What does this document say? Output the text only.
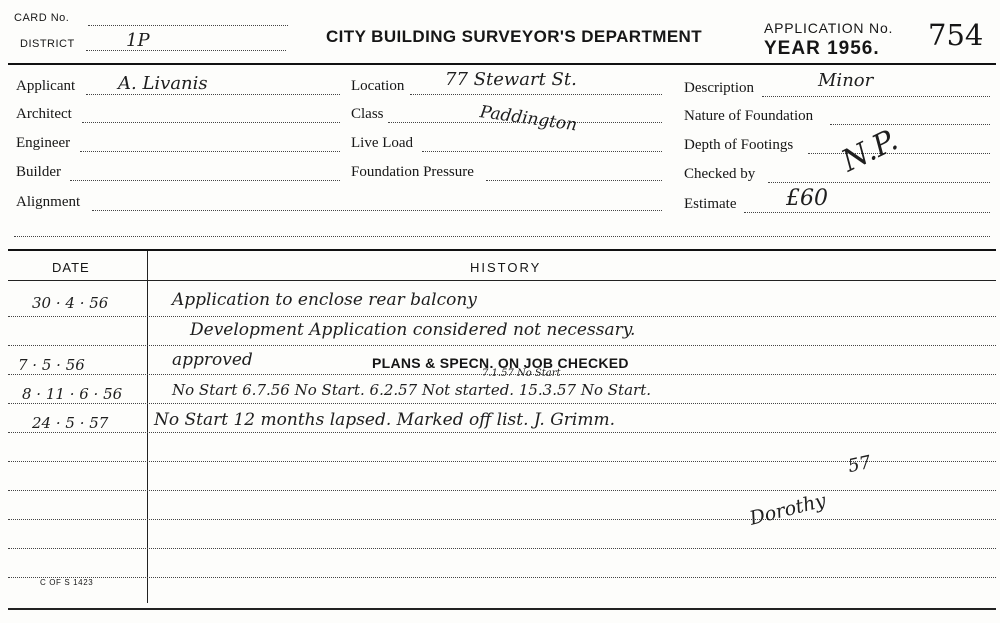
CARD No.
DISTRICT	1P	CITY BUILDING SURVEYOR'S DEPARTMENT	APPLICATION No.
YEAR 1956. 754
Applicant A. Livanis
Architect
Engineer
Builder
Alignment
Location 77 Stewart St.
Class	Paddington
Live Load
Foundation Pressure
Description	Minor
Nature of Foundation
Depth of Footings
Checked by	N.P.
Estimate £60
DATE	HISTORY
30 · 4 · 56	Application to enclose rear balcony
Development Application considered not necessary.
7 · 5 · 56	approved	PLANS & SPECN. ON JOB CHECKED
8 · 11 · 6 · 56	No Start 6.7.56 No Start. 6.2.57 Not started. 15.3.57 No Start.
7.1.57 No Start
24 · 5 · 57	No Start 12 months lapsed. Marked off list. J. Grimm.
57
Dorothy
C OF S 1423
